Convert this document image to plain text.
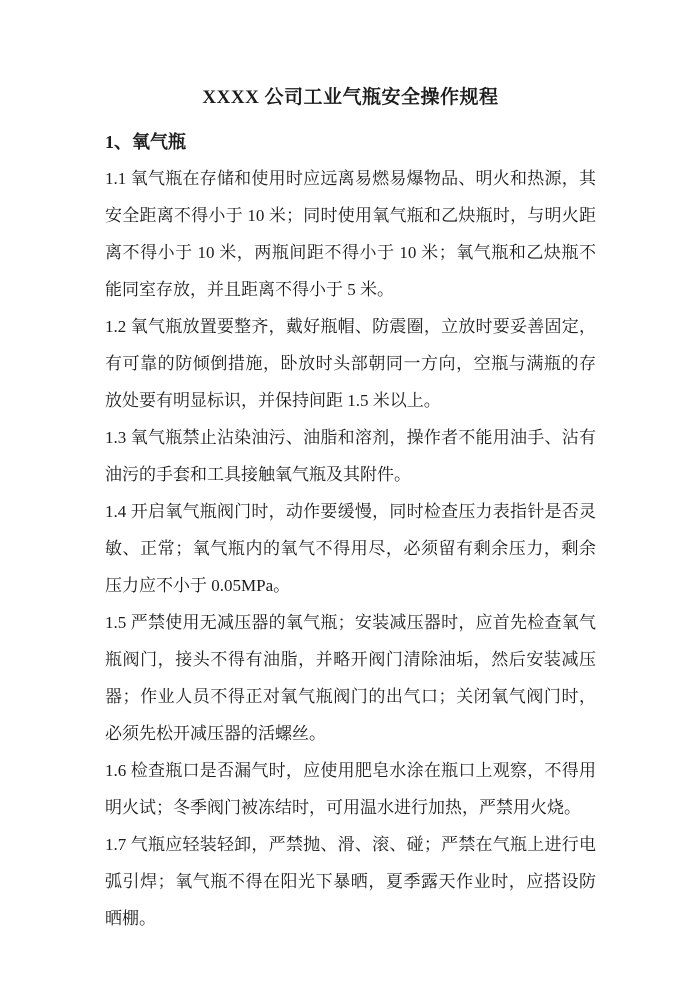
XXXX 公司工业气瓶安全操作规程
1、氧气瓶

1.1 氧气瓶在存储和使用时应远离易燃易爆物品、明火和热源，其安全距离不得小于 10 米；同时使用氧气瓶和乙炔瓶时，与明火距离不得小于 10 米，两瓶间距不得小于 10 米；氧气瓶和乙炔瓶不能同室存放，并且距离不得小于 5 米。

1.2 氧气瓶放置要整齐，戴好瓶帽、防震圈，立放时要妥善固定，有可靠的防倾倒措施，卧放时头部朝同一方向，空瓶与满瓶的存放处要有明显标识，并保持间距 1.5 米以上。

1.3 氧气瓶禁止沾染油污、油脂和溶剂，操作者不能用油手、沾有油污的手套和工具接触氧气瓶及其附件。

1.4 开启氧气瓶阀门时，动作要缓慢，同时检查压力表指针是否灵敏、正常；氧气瓶内的氧气不得用尽，必须留有剩余压力，剩余压力应不小于 0.05MPa。

1.5 严禁使用无减压器的氧气瓶；安装减压器时，应首先检查氧气瓶阀门，接头不得有油脂，并略开阀门清除油垢，然后安装减压器；作业人员不得正对氧气瓶阀门的出气口；关闭氧气阀门时，必须先松开减压器的活螺丝。

1.6 检查瓶口是否漏气时，应使用肥皂水涂在瓶口上观察，不得用明火试；冬季阀门被冻结时，可用温水进行加热，严禁用火烧。

1.7 气瓶应轻装轻卸，严禁抛、滑、滚、碰；严禁在气瓶上进行电弧引焊；氧气瓶不得在阳光下暴晒，夏季露天作业时，应搭设防晒棚。
